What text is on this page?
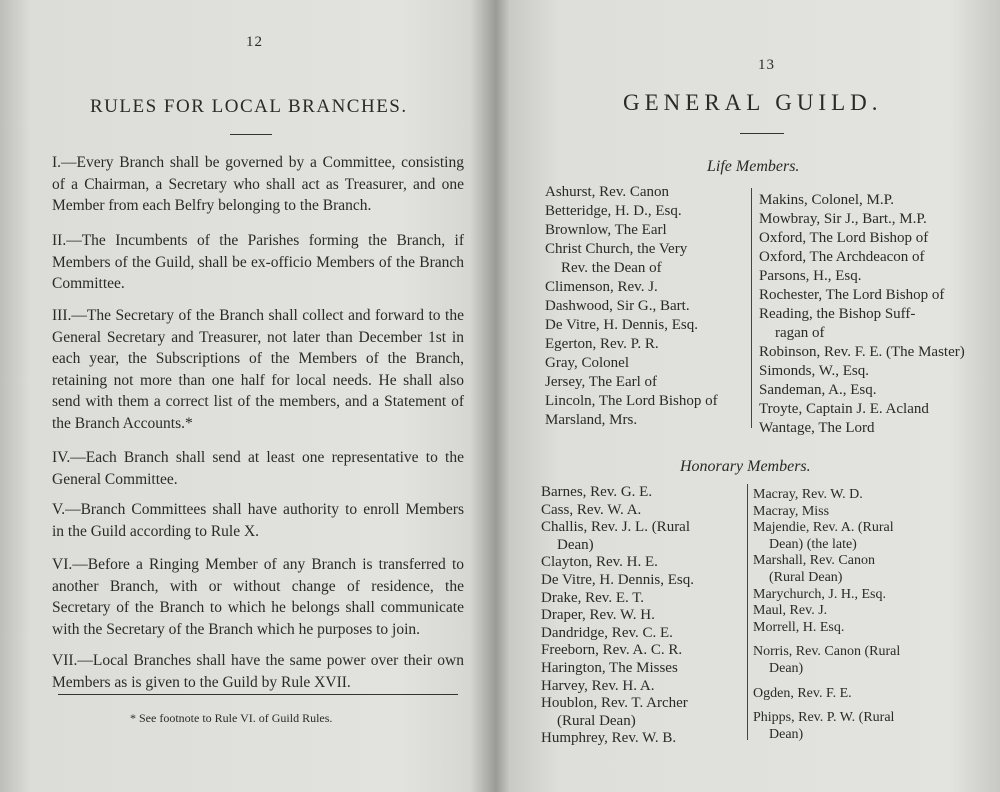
12
RULES FOR LOCAL BRANCHES.
I.—Every Branch shall be governed by a Committee, consisting of a Chairman, a Secretary who shall act as Treasurer, and one Member from each Belfry belonging to the Branch.
II.—The Incumbents of the Parishes forming the Branch, if Members of the Guild, shall be ex-officio Members of the Branch Committee.
III.—The Secretary of the Branch shall collect and forward to the General Secretary and Treasurer, not later than December 1st in each year, the Subscriptions of the Members of the Branch, retaining not more than one half for local needs. He shall also send with them a correct list of the members, and a Statement of the Branch Accounts.*
IV.—Each Branch shall send at least one representative to the General Committee.
V.—Branch Committees shall have authority to enroll Members in the Guild according to Rule X.
VI.—Before a Ringing Member of any Branch is transferred to another Branch, with or without change of residence, the Secretary of the Branch to which he belongs shall communicate with the Secretary of the Branch which he purposes to join.
VII.—Local Branches shall have the same power over their own Members as is given to the Guild by Rule XVII.
* See footnote to Rule VI. of Guild Rules.
13
GENERAL GUILD.
Life Members.
Ashurst, Rev. Canon
Betteridge, H. D., Esq.
Brownlow, The Earl
Christ Church, the Very
Rev. the Dean of
Climenson, Rev. J.
Dashwood, Sir G., Bart.
De Vitre, H. Dennis, Esq.
Egerton, Rev. P. R.
Gray, Colonel
Jersey, The Earl of
Lincoln, The Lord Bishop of
Marsland, Mrs.
Makins, Colonel, M.P.
Mowbray, Sir J., Bart., M.P.
Oxford, The Lord Bishop of
Oxford, The Archdeacon of
Parsons, H., Esq.
Rochester, The Lord Bishop of
Reading, the Bishop Suff-
ragan of
Robinson, Rev. F. E. (The Master)
Simonds, W., Esq.
Sandeman, A., Esq.
Troyte, Captain J. E. Acland
Wantage, The Lord
Honorary Members.
Barnes, Rev. G. E.
Cass, Rev. W. A.
Challis, Rev. J. L. (Rural
Dean)
Clayton, Rev. H. E.
De Vitre, H. Dennis, Esq.
Drake, Rev. E. T.
Draper, Rev. W. H.
Dandridge, Rev. C. E.
Freeborn, Rev. A. C. R.
Harington, The Misses
Harvey, Rev. H. A.
Houblon, Rev. T. Archer
(Rural Dean)
Humphrey, Rev. W. B.
Macray, Rev. W. D.
Macray, Miss
Majendie, Rev. A. (Rural
Dean) (the late)
Marshall, Rev. Canon
(Rural Dean)
Marychurch, J. H., Esq.
Maul, Rev. J.
Morrell, H. Esq.
Norris, Rev. Canon (Rural
Dean)
Ogden, Rev. F. E.
Phipps, Rev. P. W. (Rural
Dean)
